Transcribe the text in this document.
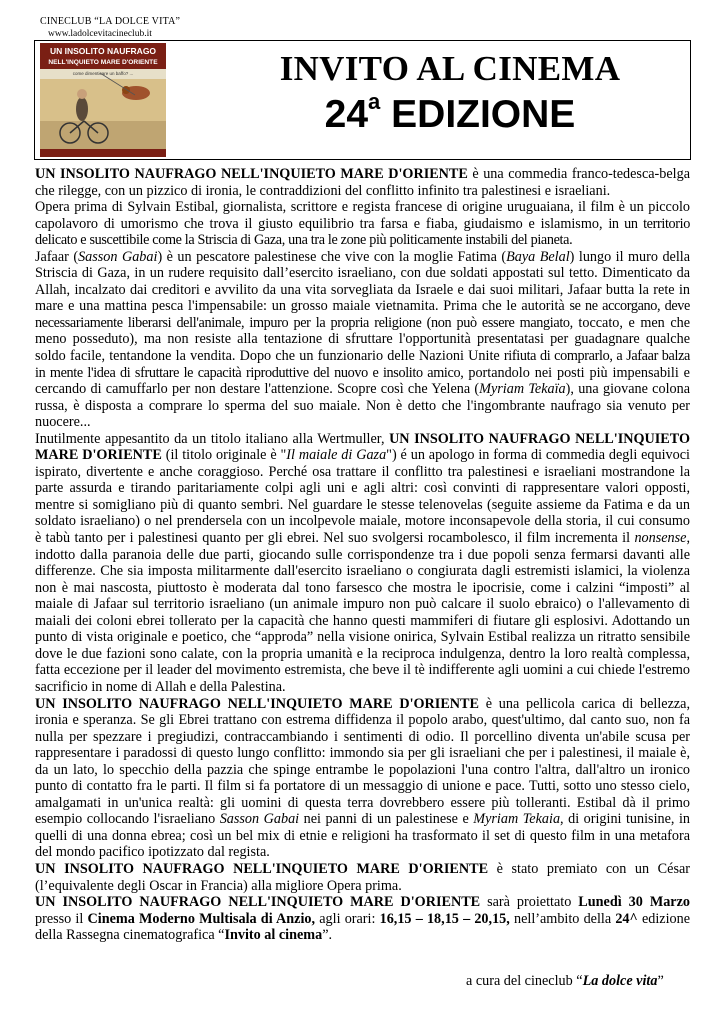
CINECLUB “LA DOLCE VITA”
www.ladolcevitacineclub.it
UN INSOLITO NAUFRAGO
NELL'INQUIETO MARE D'ORIENTE
come dimenticare un baffo? ...	INVITO AL CINEMA
24$^a$ EDIZIONE

UN INSOLITO NAUFRAGO NELL'INQUIETO MARE D'ORIENTE è una commedia franco-tedesca-belga che rilegge, con un pizzico di ironia, le contraddizioni del conflitto infinito tra palestinesi e israeliani.

Opera prima di Sylvain Estibal, giornalista, scrittore e regista francese di origine uruguaiana, il film è un piccolo capolavoro di umorismo che trova il giusto equilibrio tra farsa e fiaba, giudaismo e islamismo, in un territorio delicato e suscettibile come la Striscia di Gaza, una tra le zone più politicamente instabili del pianeta.

Jafaar (Sasson Gabai) è un pescatore palestinese che vive con la moglie Fatima (Baya Belal) lungo il muro della Striscia di Gaza, in un rudere requisito dall’esercito israeliano, con due soldati appostati sul tetto. Dimenticato da Allah, incalzato dai creditori e avvilito da una vita sorvegliata da Israele e dai suoi militari, Jafaar butta la rete in mare e una mattina pesca l'impensabile: un grosso maiale vietnamita. Prima che le autorità se ne accorgano, deve necessariamente liberarsi dell'animale, impuro per la propria religione (non può essere mangiato, toccato, e men che meno posseduto), ma non resiste alla tentazione di sfruttare l'opportunità presentatasi per guadagnare qualche soldo facile, tentandone la vendita. Dopo che un funzionario delle Nazioni Unite rifiuta di comprarlo, a Jafaar balza in mente l'idea di sfruttare le capacità riproduttive del nuovo e insolito amico, portandolo nei posti più impensabili e cercando di camuffarlo per non destare l'attenzione. Scopre così che Yelena (Myriam Tekaïa), una giovane colona russa, è disposta a comprare lo sperma del suo maiale. Non è detto che l'ingombrante naufrago sia venuto per nuocere...

Inutilmente appesantito da un titolo italiano alla Wertmuller, UN INSOLITO NAUFRAGO NELL'INQUIETO MARE D'ORIENTE (il titolo originale è "Il maiale di Gaza") é un apologo in forma di commedia degli equivoci ispirato, divertente e anche coraggioso. Perché osa trattare il conflitto tra palestinesi e israeliani mostrandone la parte assurda e tirando paritariamente colpi agli uni e agli altri: così convinti di rappresentare valori opposti, mentre si somigliano più di quanto sembri. Nel guardare le stesse telenovelas (seguite assieme da Fatima e da un soldato israeliano) o nel prendersela con un incolpevole maiale, motore inconsapevole della storia, il cui consumo è tabù tanto per i palestinesi quanto per gli ebrei. Nel suo svolgersi rocambolesco, il film incrementa il nonsense, indotto dalla paranoia delle due parti, giocando sulle corrispondenze tra i due popoli senza fermarsi davanti alle differenze. Che sia imposta militarmente dall'esercito israeliano o congiurata dagli estremisti islamici, la violenza non è mai nascosta, piuttosto è moderata dal tono farsesco che mostra le ipocrisie, come i calzini “imposti” al maiale di Jafaar sul territorio israeliano (un animale impuro non può calcare il suolo ebraico) o l'allevamento di maiali dei coloni ebrei tollerato per la capacità che hanno questi mammiferi di fiutare gli esplosivi. Adottando un punto di vista originale e poetico, che “approda” nella visione onirica, Sylvain Estibal realizza un ritratto sensibile dove le due fazioni sono calate, con la propria umanità e la reciproca indulgenza, dentro la loro realtà complessa, fatta eccezione per il leader del movimento estremista, che beve il tè indifferente agli uomini a cui chiede l'estremo sacrificio in nome di Allah e della Palestina.

UN INSOLITO NAUFRAGO NELL'INQUIETO MARE D'ORIENTE è una pellicola carica di bellezza, ironia e speranza. Se gli Ebrei trattano con estrema diffidenza il popolo arabo, quest'ultimo, dal canto suo, non fa nulla per spezzare i pregiudizi, contraccambiando i sentimenti di odio. Il porcellino diventa un'abile scusa per rappresentare i paradossi di questo lungo conflitto: immondo sia per gli israeliani che per i palestinesi, il maiale è, da un lato, lo specchio della pazzia che spinge entrambe le popolazioni l'una contro l'altra, dall'altro un ironico punto di contatto fra le parti. Il film si fa portatore di un messaggio di unione e pace. Tutti, sotto uno stesso cielo, amalgamati in un'unica realtà: gli uomini di questa terra dovrebbero essere più tolleranti. Estibal dà il primo esempio collocando l'israeliano Sasson Gabai nei panni di un palestinese e Myriam Tekaia, di origini tunisine, in quelli di una donna ebrea; così un bel mix di etnie e religioni ha trasformato il set di questo film in una metafora del mondo pacifico ipotizzato dal regista.

UN INSOLITO NAUFRAGO NELL'INQUIETO MARE D'ORIENTE è stato premiato con un César (l’equivalente degli Oscar in Francia) alla migliore Opera prima.

UN INSOLITO NAUFRAGO NELL'INQUIETO MARE D'ORIENTE sarà proiettato Lunedì 30 Marzo presso il Cinema Moderno Multisala di Anzio, agli orari: 16,15 – 18,15 – 20,15, nell’ambito della 24^ edizione della Rassegna cinematografica “Invito al cinema”.

a cura del cineclub “La dolce vita”
